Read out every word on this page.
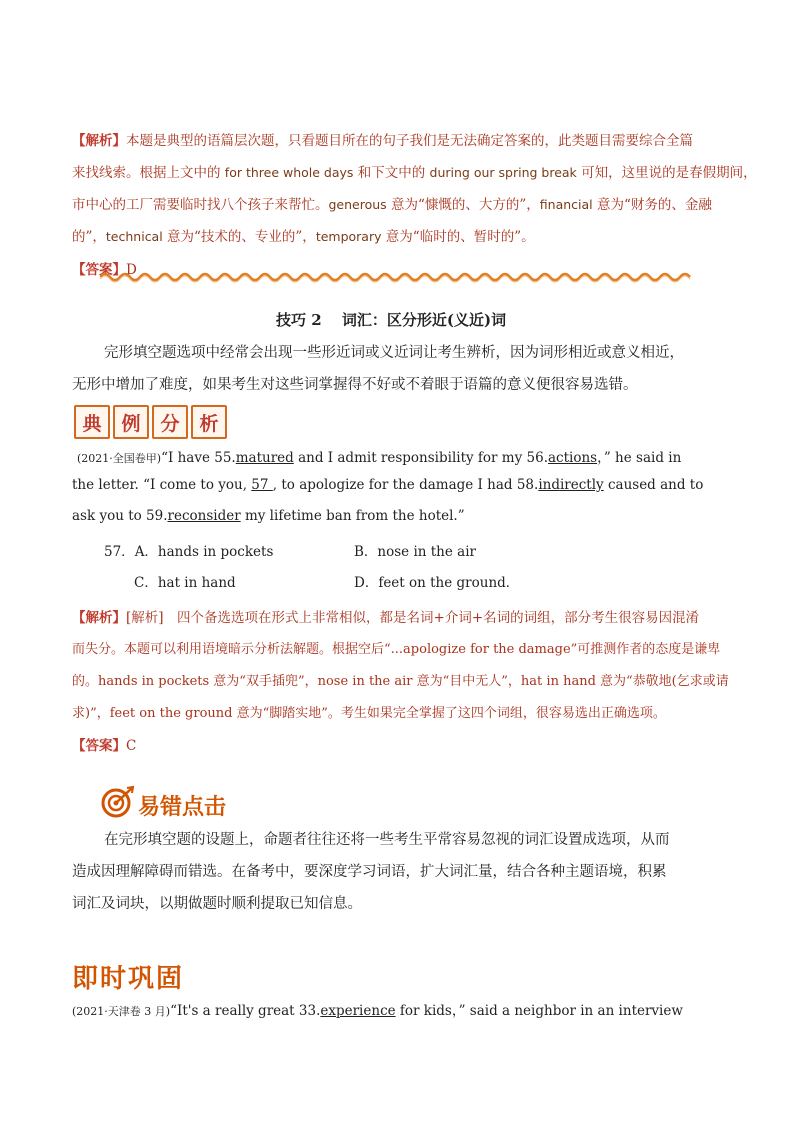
【解析】本题是典型的语篇层次题，只看题目所在的句子我们是无法确定答案的，此类题目需要综合全篇
来找线索。根据上文中的 for three whole days 和下文中的 during our spring break 可知，这里说的是春假期间，
市中心的工厂需要临时找八个孩子来帮忙。generous 意为“慷慨的、大方的”，financial 意为“财务的、金融
的”，technical 意为“技术的、专业的”，temporary 意为“临时的、暂时的”。
【答案】D
技巧 2　 词汇：区分形近(义近)词
完形填空题选项中经常会出现一些形近词或义近词让考生辨析，因为词形相近或意义相近，
无形中增加了难度，如果考生对这些词掌握得不好或不着眼于语篇的意义便很容易选错。
典	例	分	析
(2021·全国卷甲)“I have 55.matured and I admit responsibility for my 56.actions，” he said in
the letter. “I come to you, 57 , to apologize for the damage I had 58.indirectly caused and to
ask you to 59.reconsider my lifetime ban from the hotel.”
57．A．hands in pockets	B．nose in the air
C．hat in hand	D．feet on the ground．
【解析】[解析]　四个备选选项在形式上非常相似，都是名词+介词+名词的词组，部分考生很容易因混淆
而失分。本题可以利用语境暗示分析法解题。根据空后“...apologize for the damage”可推测作者的态度是谦卑
的。hands in pockets 意为“双手插兜”，nose in the air 意为“目中无人”，hat in hand 意为“恭敬地(乞求或请
求)”，feet on the ground 意为“脚踏实地”。考生如果完全掌握了这四个词组，很容易选出正确选项。
【答案】C
易错点击
在完形填空题的设题上，命题者往往还将一些考生平常容易忽视的词汇设置成选项，从而
造成因理解障碍而错选。在备考中，要深度学习词语，扩大词汇量，结合各种主题语境，积累
词汇及词块，以期做题时顺利提取已知信息。
即时巩固
(2021·天津卷 3 月)“It's a really great 33.experience for kids，” said a neighbor in an interview
